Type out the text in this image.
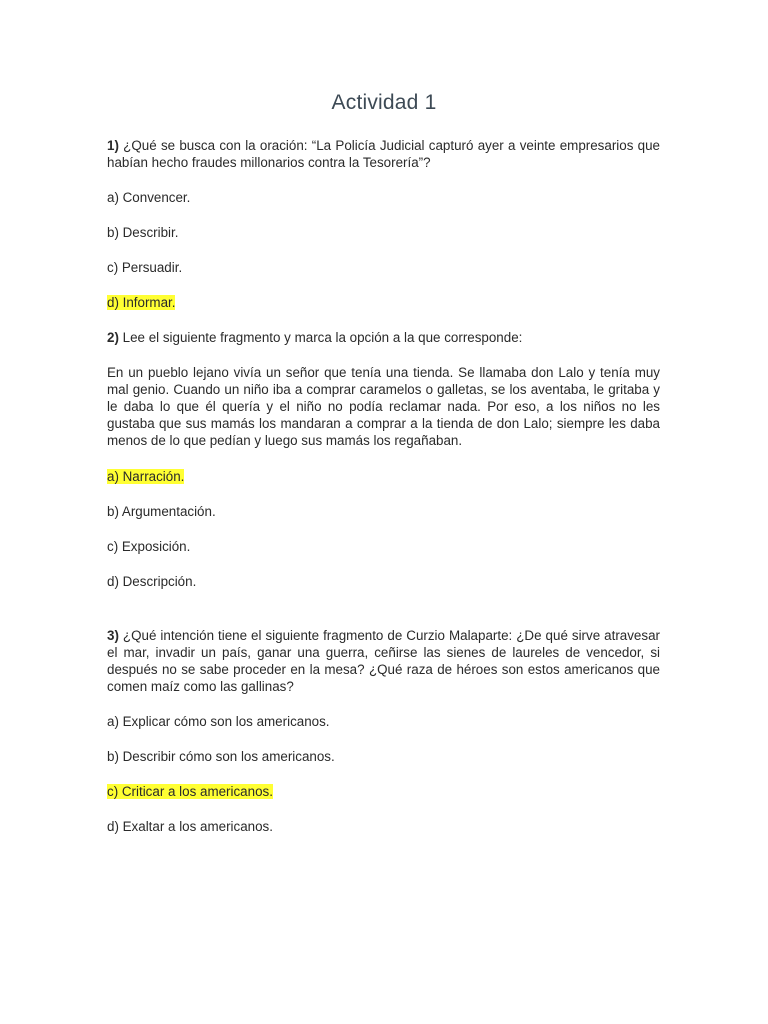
Actividad 1
1) ¿Qué se busca con la oración: “La Policía Judicial capturó ayer a veinte empresarios que habían hecho fraudes millonarios contra la Tesorería”?
a) Convencer.
b) Describir.
c) Persuadir.
d) Informar.
2) Lee el siguiente fragmento y marca la opción a la que corresponde:
En un pueblo lejano vivía un señor que tenía una tienda. Se llamaba don Lalo y tenía muy mal genio. Cuando un niño iba a comprar caramelos o galletas, se los aventaba, le gritaba y le daba lo que él quería y el niño no podía reclamar nada. Por eso, a los niños no les gustaba que sus mamás los mandaran a comprar a la tienda de don Lalo; siempre les daba menos de lo que pedían y luego sus mamás los regañaban.
a) Narración.
b) Argumentación.
c) Exposición.
d) Descripción.
3) ¿Qué intención tiene el siguiente fragmento de Curzio Malaparte: ¿De qué sirve atravesar el mar, invadir un país, ganar una guerra, ceñirse las sienes de laureles de vencedor, si después no se sabe proceder en la mesa? ¿Qué raza de héroes son estos americanos que comen maíz como las gallinas?
a) Explicar cómo son los americanos.
b) Describir cómo son los americanos.
c) Criticar a los americanos.
d) Exaltar a los americanos.
